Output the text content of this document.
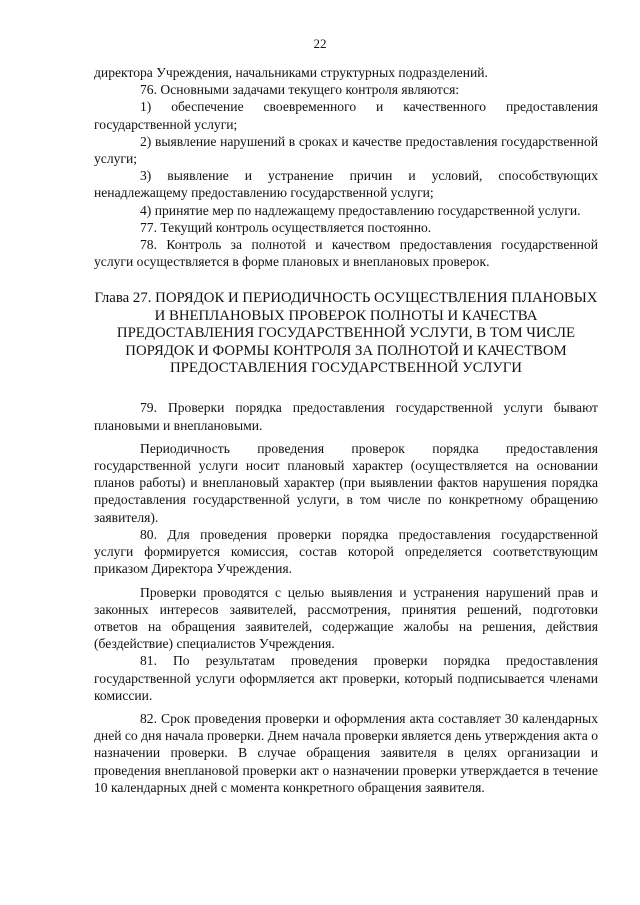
22

директора Учреждения, начальниками структурных подразделений.

76. Основными задачами текущего контроля являются:

1) обеспечение своевременного и качественного предоставления государственной услуги;

2) выявление нарушений в сроках и качестве предоставления государственной услуги;

3) выявление и устранение причин и условий, способствующих ненадлежащему предоставлению государственной услуги;

4) принятие мер по надлежащему предоставлению государственной услуги.

77. Текущий контроль осуществляется постоянно.

78. Контроль за полнотой и качеством предоставления государственной услуги осуществляется в форме плановых и внеплановых проверок.

Глава 27. ПОРЯДОК И ПЕРИОДИЧНОСТЬ ОСУЩЕСТВЛЕНИЯ ПЛАНОВЫХ И ВНЕПЛАНОВЫХ ПРОВЕРОК ПОЛНОТЫ И КАЧЕСТВА ПРЕДОСТАВЛЕНИЯ ГОСУДАРСТВЕННОЙ УСЛУГИ, В ТОМ ЧИСЛЕ ПОРЯДОК И ФОРМЫ КОНТРОЛЯ ЗА ПОЛНОТОЙ И КАЧЕСТВОМ ПРЕДОСТАВЛЕНИЯ ГОСУДАРСТВЕННОЙ УСЛУГИ

79. Проверки порядка предоставления государственной услуги бывают плановыми и внеплановыми.

Периодичность проведения проверок порядка предоставления государственной услуги носит плановый характер (осуществляется на основании планов работы) и внеплановый характер (при выявлении фактов нарушения порядка предоставления государственной услуги, в том числе по конкретному обращению заявителя).

80. Для проведения проверки порядка предоставления государственной услуги формируется комиссия, состав которой определяется соответствующим приказом Директора Учреждения.

Проверки проводятся с целью выявления и устранения нарушений прав и законных интересов заявителей, рассмотрения, принятия решений, подготовки ответов на обращения заявителей, содержащие жалобы на решения, действия (бездействие) специалистов Учреждения.

81. По результатам проведения проверки порядка предоставления государственной услуги оформляется акт проверки, который подписывается членами комиссии.

82. Срок проведения проверки и оформления акта составляет 30 календарных дней со дня начала проверки. Днем начала проверки является день утверждения акта о назначении проверки. В случае обращения заявителя в целях организации и проведения внеплановой проверки акт о назначении проверки утверждается в течение 10 календарных дней с момента конкретного обращения заявителя.
